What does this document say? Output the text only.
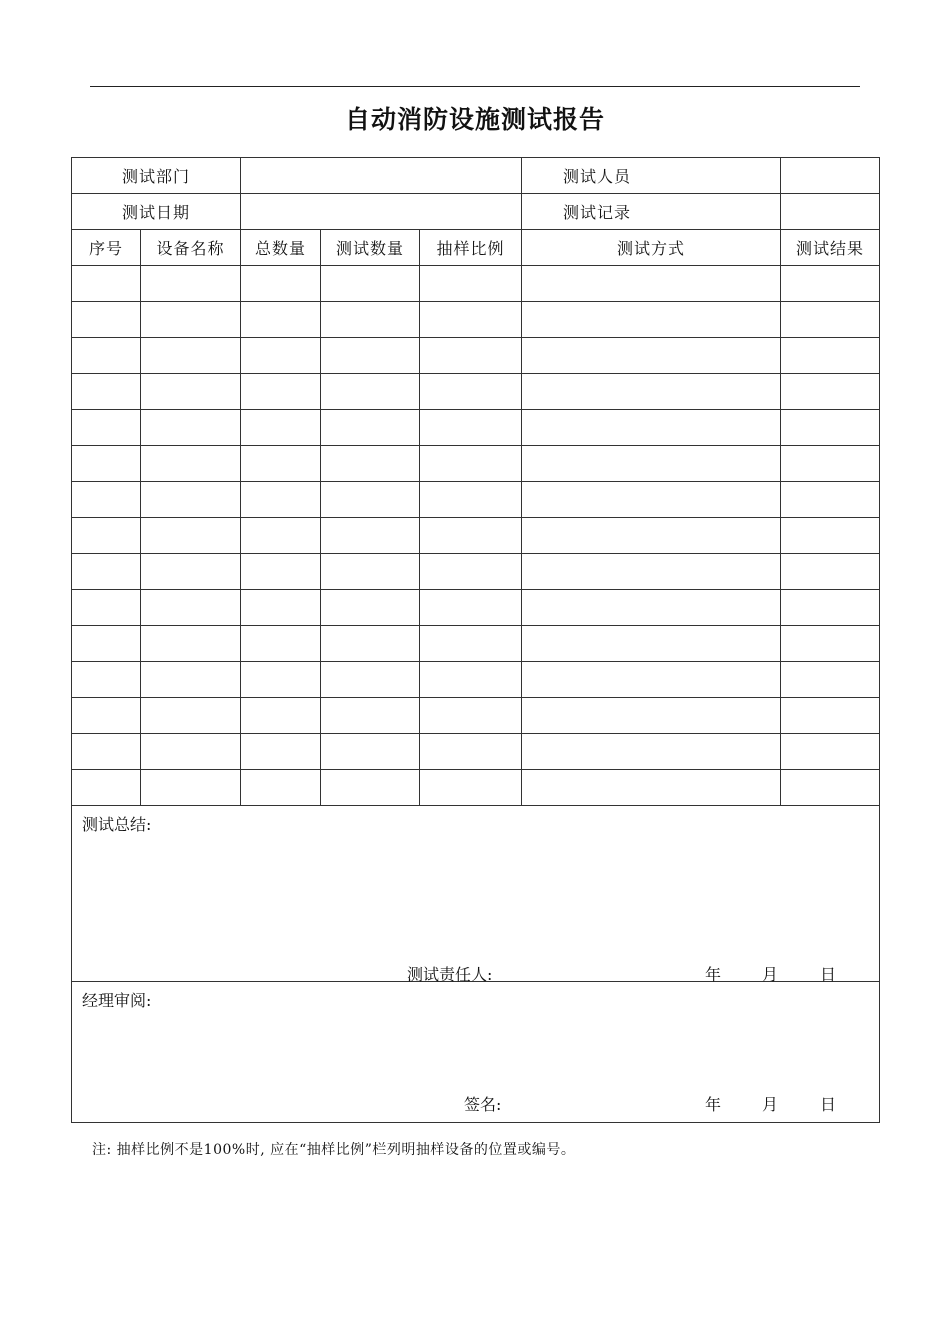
自动消防设施测试报告
测试部门					测试人员	
测试日期					测试记录	
序号	设备名称	总数量	测试数量	抽样比例	测试方式	测试结果

测试总结:
测试责任人: 年 月 日						

经理审阅:
签名: 年 月 日						
注: 抽样比例不是100%时, 应在“抽样比例”栏列明抽样设备的位置或编号。
